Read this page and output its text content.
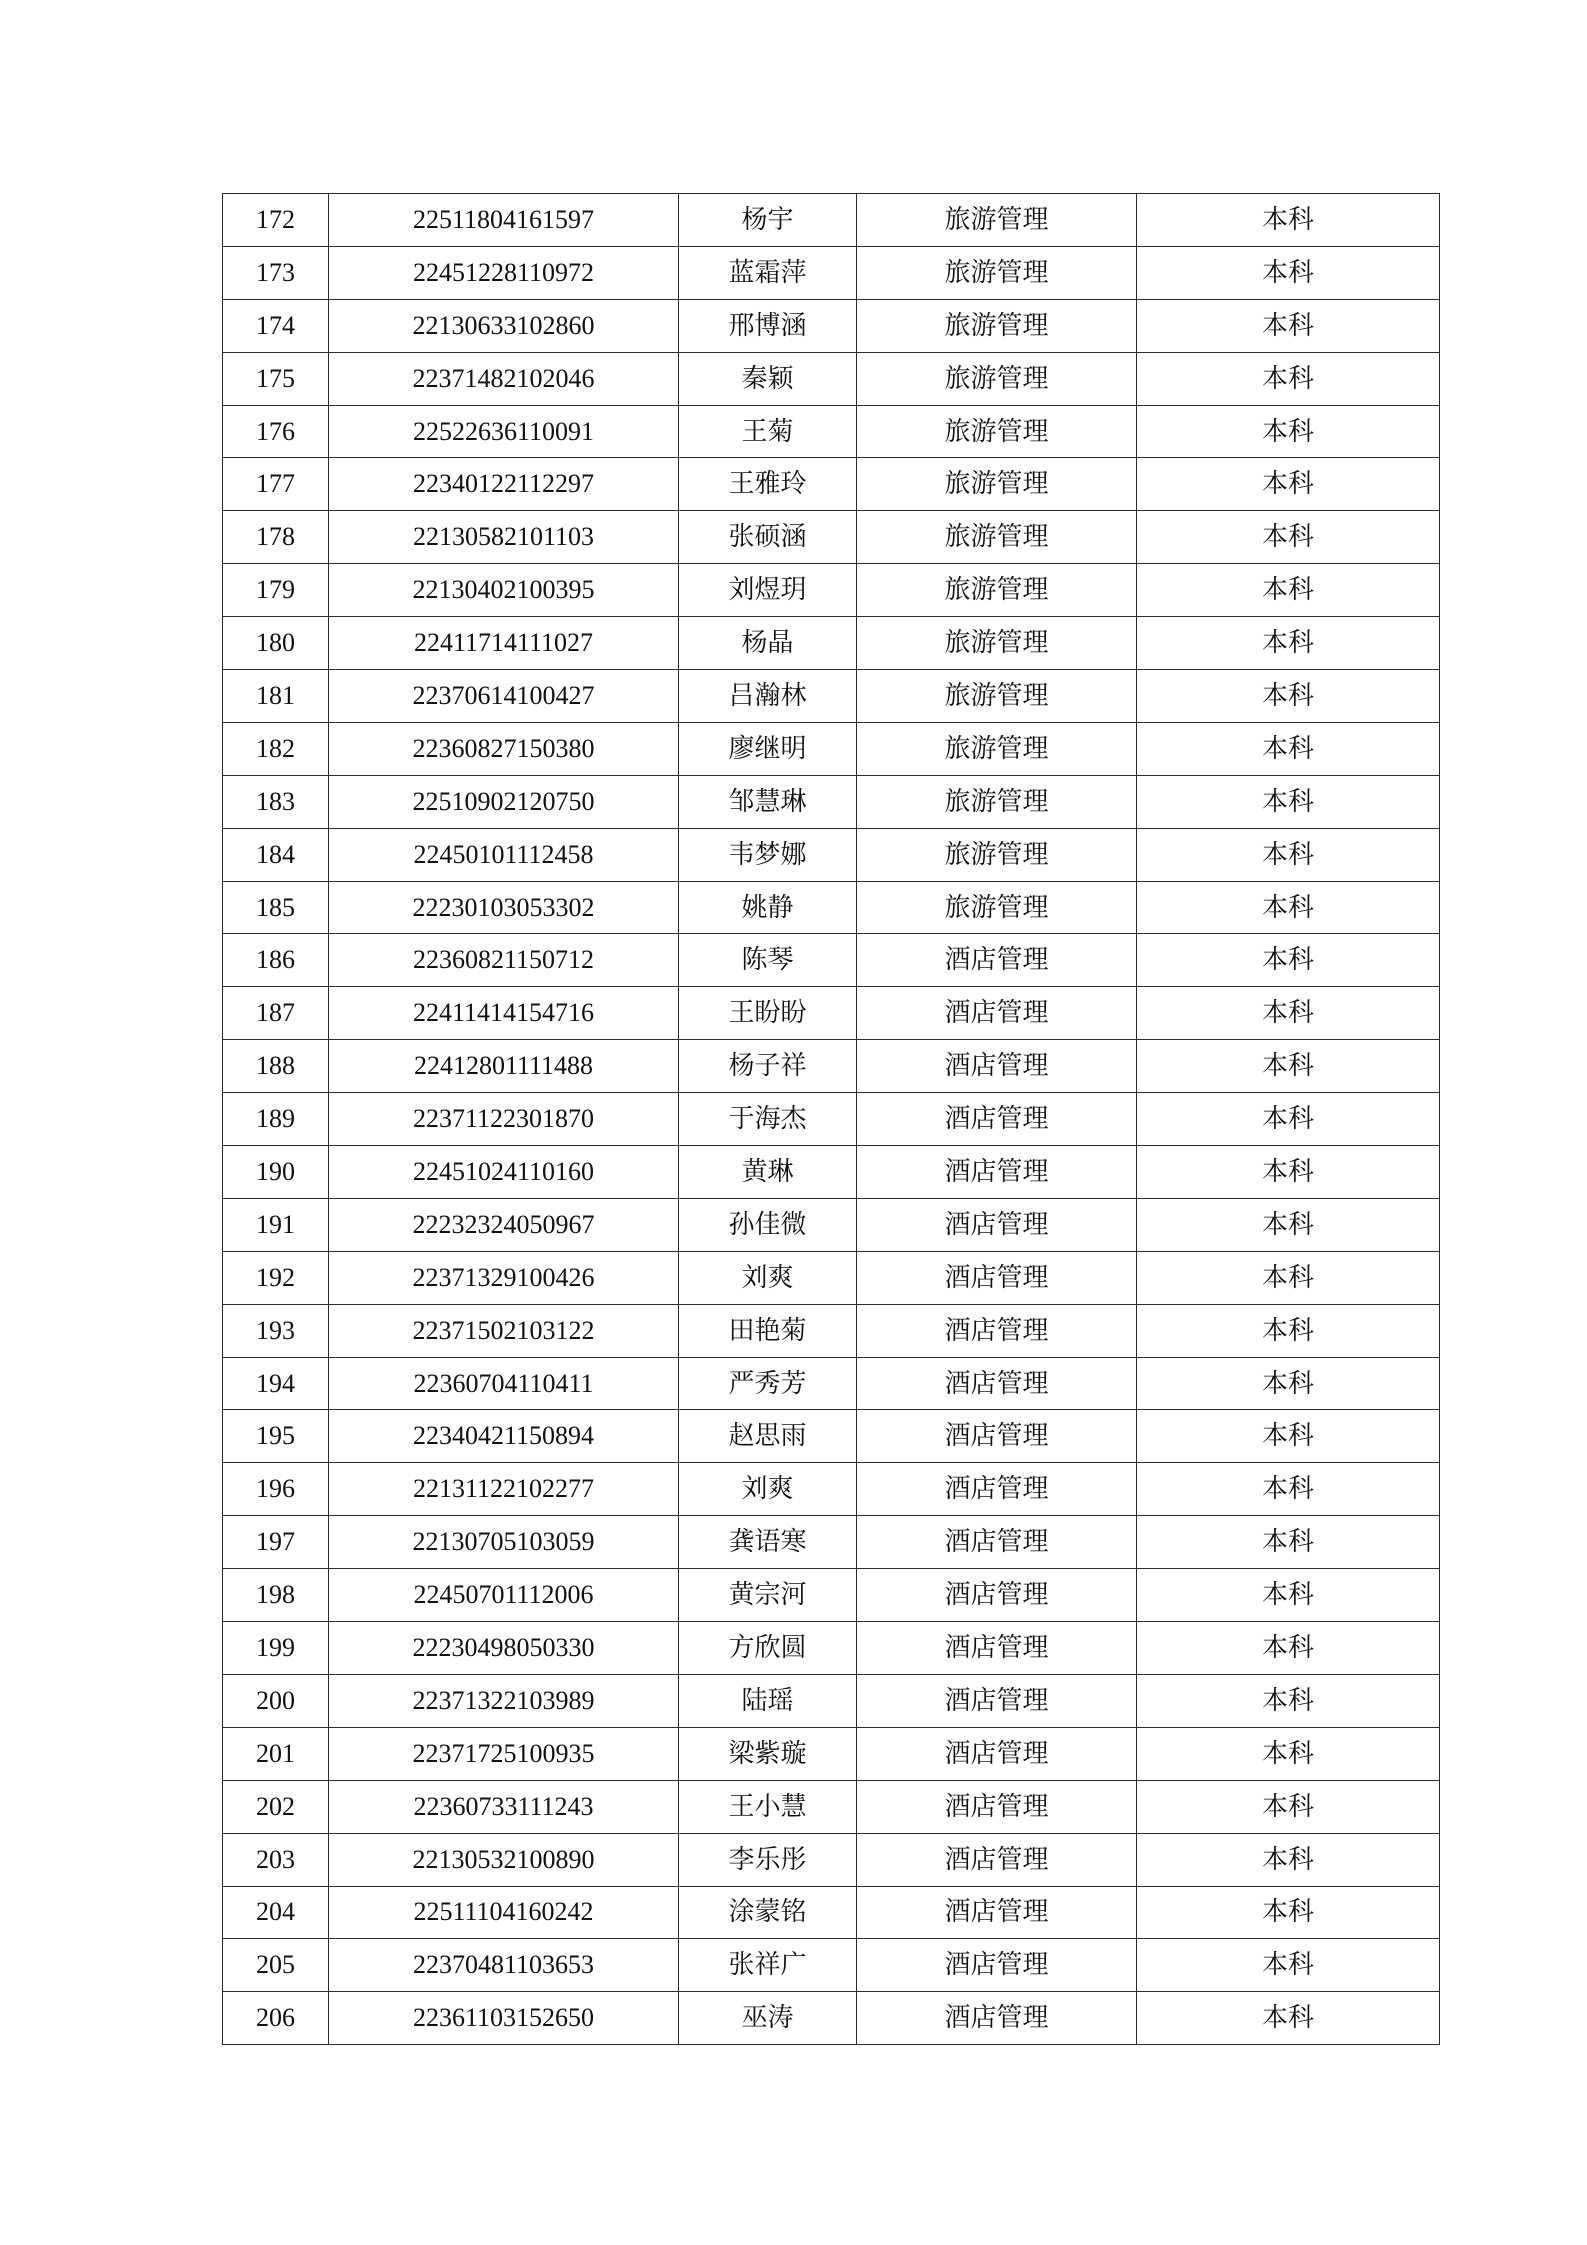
172	22511804161597	杨宇	旅游管理	本科
173	22451228110972	蓝霜萍	旅游管理	本科
174	22130633102860	邢博涵	旅游管理	本科
175	22371482102046	秦颖	旅游管理	本科
176	22522636110091	王菊	旅游管理	本科
177	22340122112297	王雅玲	旅游管理	本科
178	22130582101103	张硕涵	旅游管理	本科
179	22130402100395	刘煜玥	旅游管理	本科
180	22411714111027	杨晶	旅游管理	本科
181	22370614100427	吕瀚林	旅游管理	本科
182	22360827150380	廖继明	旅游管理	本科
183	22510902120750	邹慧琳	旅游管理	本科
184	22450101112458	韦梦娜	旅游管理	本科
185	22230103053302	姚静	旅游管理	本科
186	22360821150712	陈琴	酒店管理	本科
187	22411414154716	王盼盼	酒店管理	本科
188	22412801111488	杨子祥	酒店管理	本科
189	22371122301870	于海杰	酒店管理	本科
190	22451024110160	黄琳	酒店管理	本科
191	22232324050967	孙佳微	酒店管理	本科
192	22371329100426	刘爽	酒店管理	本科
193	22371502103122	田艳菊	酒店管理	本科
194	22360704110411	严秀芳	酒店管理	本科
195	22340421150894	赵思雨	酒店管理	本科
196	22131122102277	刘爽	酒店管理	本科
197	22130705103059	龚语寒	酒店管理	本科
198	22450701112006	黄宗河	酒店管理	本科
199	22230498050330	方欣圆	酒店管理	本科
200	22371322103989	陆瑶	酒店管理	本科
201	22371725100935	梁紫璇	酒店管理	本科
202	22360733111243	王小慧	酒店管理	本科
203	22130532100890	李乐彤	酒店管理	本科
204	22511104160242	涂蒙铭	酒店管理	本科
205	22370481103653	张祥广	酒店管理	本科
206	22361103152650	巫涛	酒店管理	本科
